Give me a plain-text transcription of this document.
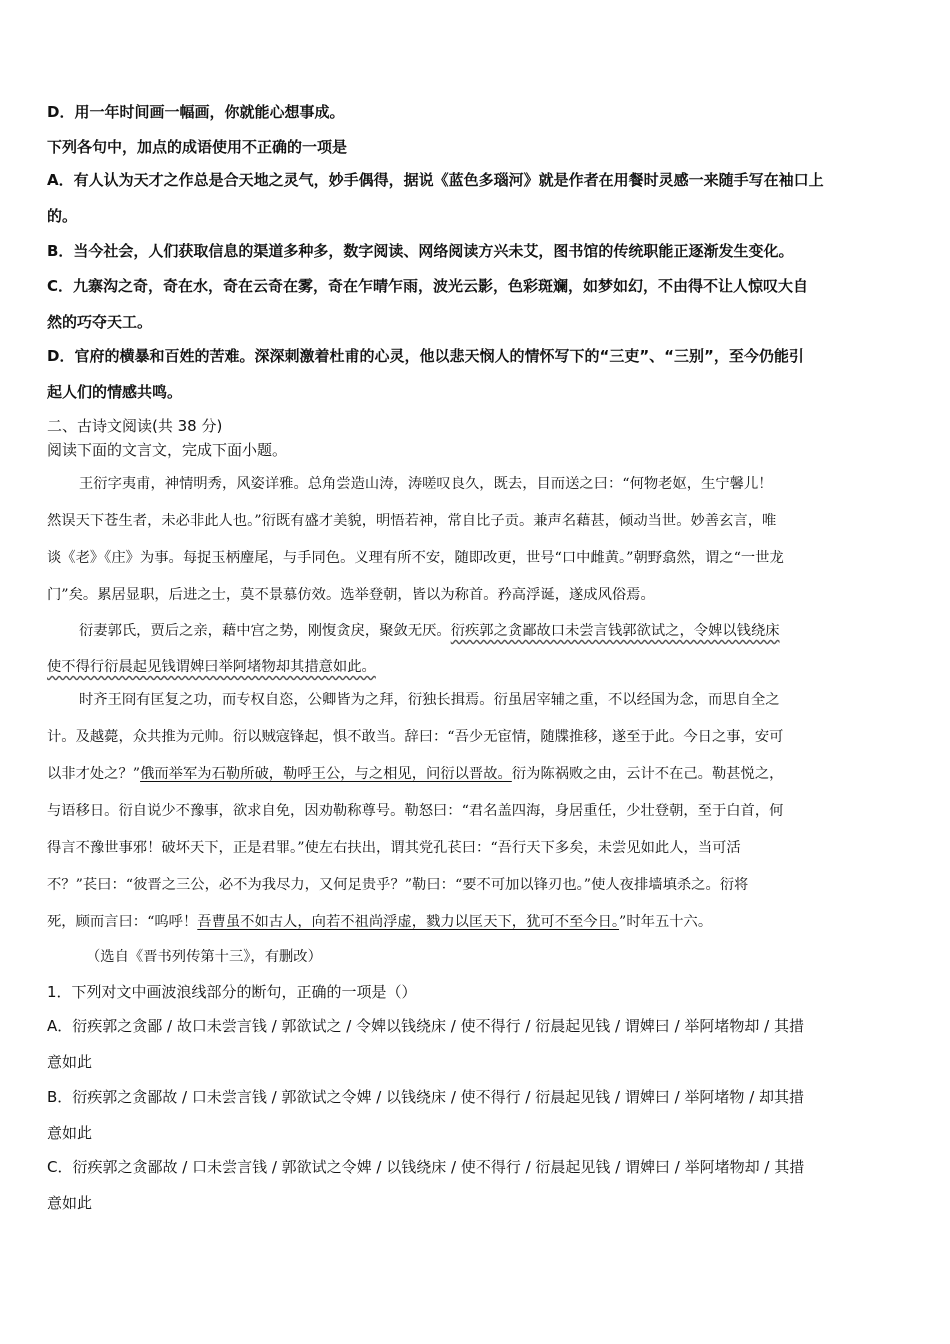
D．用一年时间画一幅画，你就能心想事成。
下列各句中，加点的成语使用不正确的一项是
A．有人认为天才之作总是合天地之灵气，妙手偶得，据说《蓝色多瑙河》就是作者在用餐时灵感一来随手写在袖口上
的。
B．当今社会，人们获取信息的渠道多种多，数字阅读、网络阅读方兴未艾，图书馆的传统职能正逐渐发生变化。
C．九寨沟之奇，奇在水，奇在云奇在雾，奇在乍晴乍雨，波光云影，色彩斑斓，如梦如幻，不由得不让人惊叹大自
然的巧夺天工。
D．官府的横暴和百姓的苦难。深深刺激着杜甫的心灵，他以悲天悯人的情怀写下的“三吏”、“三别”，至今仍能引
起人们的情感共鸣。
二、古诗文阅读(共 38 分)
阅读下面的文言文，完成下面小题。
王衍字夷甫，神情明秀，风姿详雅。总角尝造山涛，涛嗟叹良久，既去，目而送之曰：“何物老妪，生宁馨儿！
然误天下苍生者，未必非此人也。”衍既有盛才美貌，明悟若神，常自比子贡。兼声名藉甚，倾动当世。妙善玄言，唯
谈《老》《庄》为事。每捉玉柄麈尾，与手同色。义理有所不安，随即改更，世号“口中雌黄。”朝野翕然，谓之“一世龙
门”矣。累居显职，后进之士，莫不景慕仿效。选举登朝，皆以为称首。矜高浮诞，遂成风俗焉。
衍妻郭氏，贾后之亲，藉中宫之势，刚愎贪戾，聚敛无厌。衍疾郭之贪鄙故口未尝言钱郭欲试之，令婢以钱绕床
使不得行衍晨起见钱谓婢曰举阿堵物却其措意如此。
时齐王冏有匡复之功，而专权自恣，公卿皆为之拜，衍独长揖焉。衍虽居宰辅之重，不以经国为念，而思自全之
计。及越薨，众共推为元帅。衍以贼寇锋起，惧不敢当。辞曰：“吾少无宦情，随牒推移，遂至于此。今日之事，安可
以非才处之？”俄而举军为石勒所破，勒呼王公，与之相见，问衍以晋故。衍为陈祸败之由，云计不在己。勒甚悦之，
与语移日。衍自说少不豫事，欲求自免，因劝勒称尊号。勒怒曰：“君名盖四海，身居重任，少壮登朝，至于白首，何
得言不豫世事邪！破坏天下，正是君罪。”使左右扶出，谓其党孔苌曰：“吾行天下多矣，未尝见如此人，当可活
不？”苌曰：“彼晋之三公，必不为我尽力，又何足贵乎？”勒曰：“要不可加以锋刃也。”使人夜排墙填杀之。衍将
死，顾而言曰：“呜呼！吾曹虽不如古人，向若不祖尚浮虚，戮力以匡天下，犹可不至今日。”时年五十六。
（选自《晋书列传第十三》，有删改）
1．下列对文中画波浪线部分的断句，正确的一项是（）
A．衍疾郭之贪鄙 / 故口未尝言钱 / 郭欲试之 / 令婢以钱绕床 / 使不得行 / 衍晨起见钱 / 谓婢曰 / 举阿堵物却 / 其措
意如此
B．衍疾郭之贪鄙故 / 口未尝言钱 / 郭欲试之令婢 / 以钱绕床 / 使不得行 / 衍晨起见钱 / 谓婢曰 / 举阿堵物 / 却其措
意如此
C．衍疾郭之贪鄙故 / 口未尝言钱 / 郭欲试之令婢 / 以钱绕床 / 使不得行 / 衍晨起见钱 / 谓婢曰 / 举阿堵物却 / 其措
意如此
